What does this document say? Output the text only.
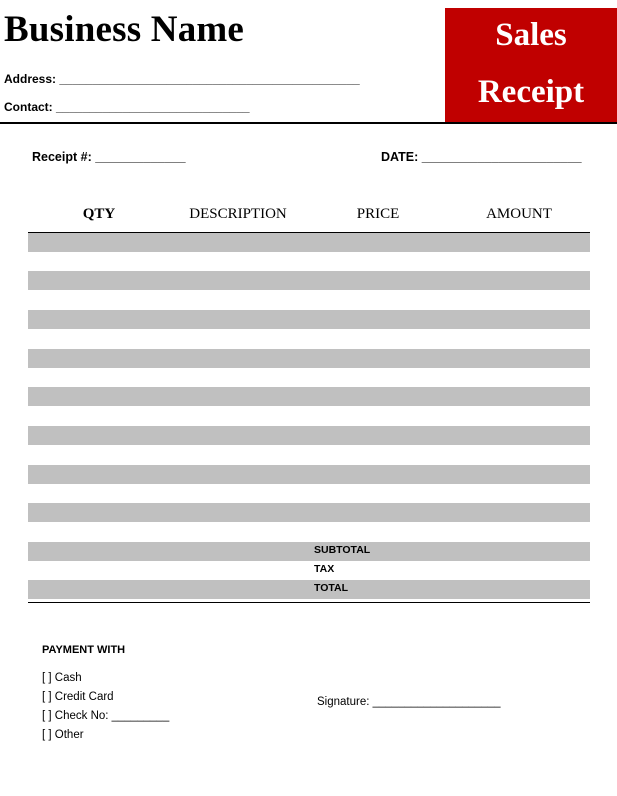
Business Name
Address: _____________________________________________
Contact: _____________________________
Sales
Receipt
Receipt #: _____________	DATE: _______________________
QTY	DESCRIPTION	PRICE	AMOUNT
SUBTOTAL
TAX
TOTAL
PAYMENT WITH
[ ] Cash
[ ] Credit Card
[ ] Check No: _________
[ ] Other
Signature: ____________________
